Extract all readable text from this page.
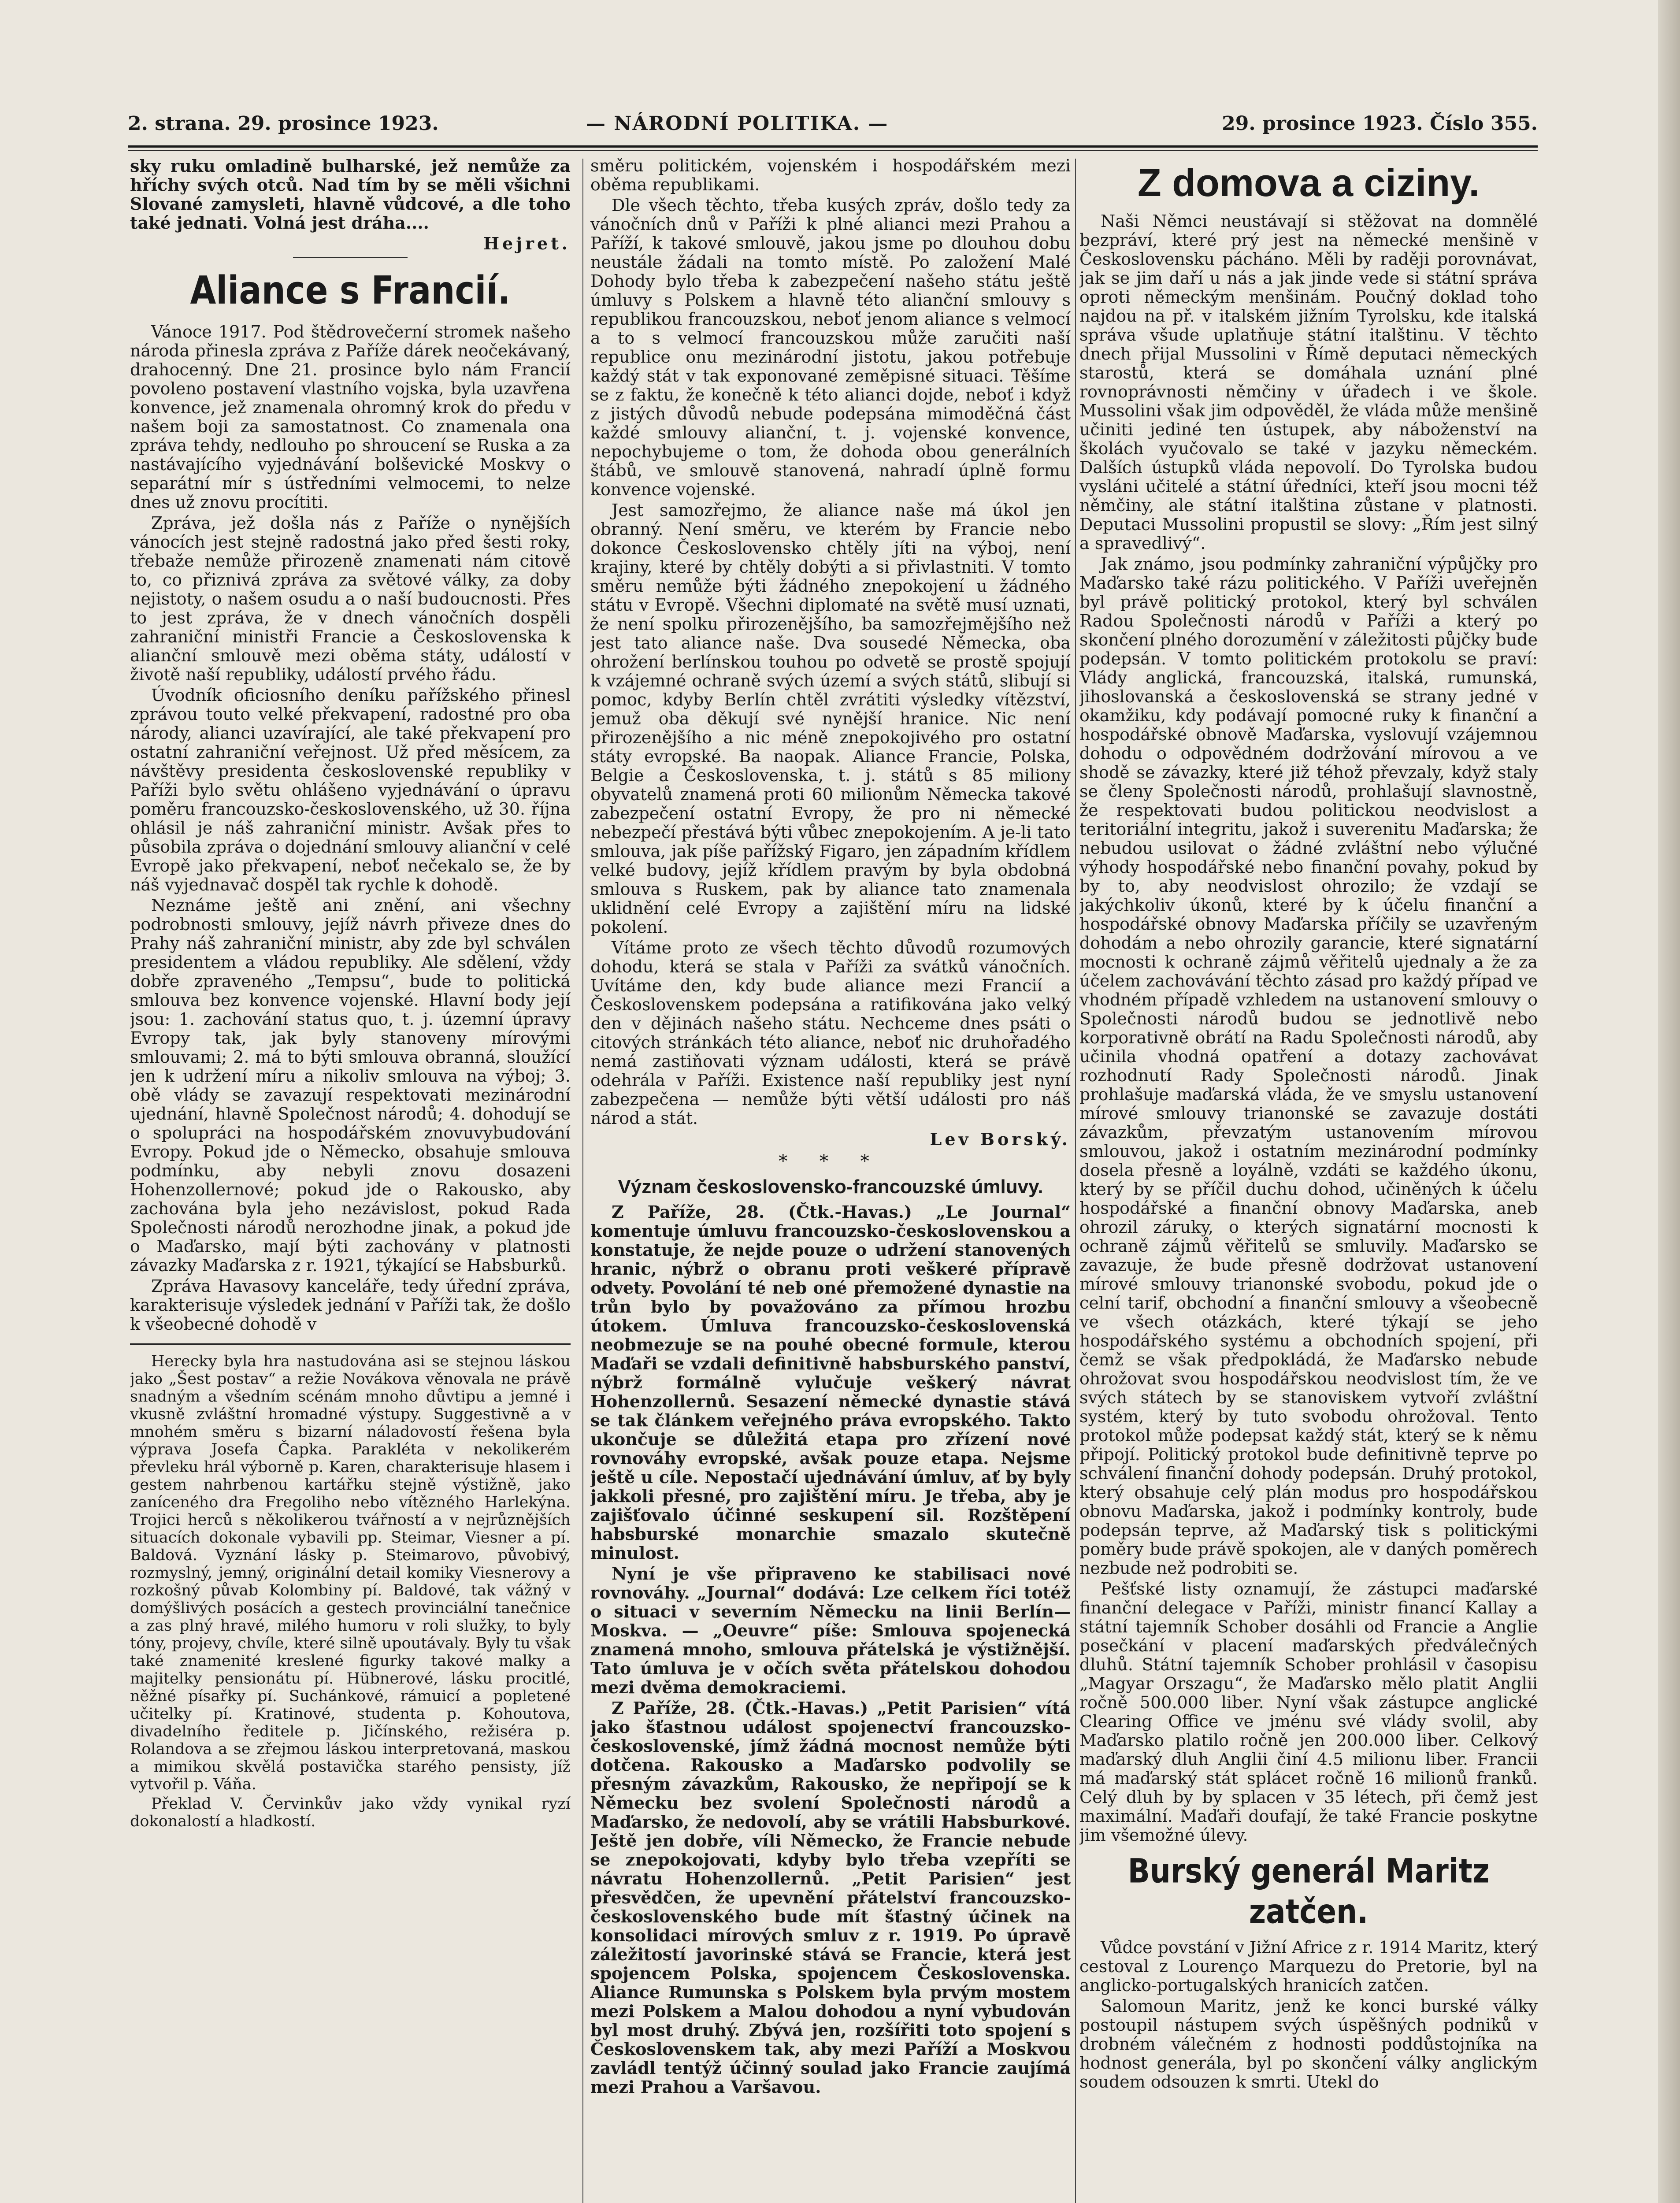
2. strana. 29. prosince 1923.	— NÁRODNÍ POLITIKA. —	29. prosince 1923. Číslo 355.

sky ruku omladině bulharské, jež nemůže za hříchy svých otců. Nad tím by se měli všichni Slované zamysleti, hlavně vůdcové, a dle toho také jednati. Volná jest dráha....

Hejret.

Aliance s Francií.

Vánoce 1917. Pod štědrovečerní stromek našeho národa přinesla zpráva z Paříže dárek neočekávaný, drahocenný. Dne 21. prosince bylo nám Francií povoleno postavení vlastního vojska, byla uzavřena konvence, jež znamenala ohromný krok do předu v našem boji za samostatnost. Co znamenala ona zpráva tehdy, nedlouho po shroucení se Ruska a za nastávajícího vyjednávání bolševické Moskvy o separátní mír s ústředními velmocemi, to nelze dnes už znovu procítiti.

Zpráva, jež došla nás z Paříže o nynějších vánocích jest stejně radostná jako před šesti roky, třebaže nemůže přirozeně znamenati nám citově to, co přiznivá zpráva za světové války, za doby nejistoty, o našem osudu a o naší budoucnosti. Přes to jest zpráva, že v dnech vánočních dospěli zahraniční ministři Francie a Československa k alianční smlouvě mezi oběma státy, událostí v životě naší republiky, událostí prvého řádu.

Úvodník oficiosního deníku pařížského přinesl zprávou touto velké překvapení, radostné pro oba národy, alianci uzavírající, ale také překvapení pro ostatní zahraniční veřejnost. Už před měsícem, za návštěvy presidenta československé republiky v Paříži bylo světu ohlášeno vyjednávání o úpravu poměru francouzsko-československého, už 30. října ohlásil je náš zahraniční ministr. Avšak přes to působila zpráva o dojednání smlouvy alianční v celé Evropě jako překvapení, neboť nečekalo se, že by náš vyjednavač dospěl tak rychle k dohodě.

Neznáme ještě ani znění, ani všechny podrobnosti smlouvy, jejíž návrh přiveze dnes do Prahy náš zahraniční ministr, aby zde byl schválen presidentem a vládou republiky. Ale sdělení, vždy dobře zpraveného „Tempsu“, bude to politická smlouva bez konvence vojenské. Hlavní body její jsou: 1. zachování status quo, t. j. územní úpravy Evropy tak, jak byly stanoveny mírovými smlouvami; 2. má to býti smlouva obranná, sloužící jen k udržení míru a nikoliv smlouva na výboj; 3. obě vlády se zavazují respektovati mezinárodní ujednání, hlavně Společnost národů; 4. dohodují se o spolupráci na hospodářském znovuvybudování Evropy. Pokud jde o Německo, obsahuje smlouva podmínku, aby nebyli znovu dosazeni Hohenzollernové; pokud jde o Rakousko, aby zachována byla jeho nezávislost, pokud Rada Společnosti národů nerozhodne jinak, a pokud jde o Maďarsko, mají býti zachovány v platnosti závazky Maďarska z r. 1921, týkající se Habsburků.

Zpráva Havasovy kanceláře, tedy úřední zpráva, karakterisuje výsledek jednání v Paříži tak, že došlo k všeobecné dohodě v

Herecky byla hra nastudována asi se stejnou láskou jako „Šest postav“ a režie Novákova věnovala ne právě snadným a všedním scénám mnoho důvtipu a jemné i vkusně zvláštní hromadné výstupy. Suggestivně a v mnohém směru s bizarní náladovostí řešena byla výprava Josefa Čapka. Paraklétа v nekolikerém převleku hrál výborně p. Karen, charakterisuje hlasem i gestem nahrbenou kartářku stejně výstižně, jako zaníceného dra Fregoliho nebo vítězného Harlekýna. Trojici herců s několikerou tvářností a v nejrůznějších situacích dokonale vybavili pp. Steimar, Viesner a pí. Baldová. Vyznání lásky p. Steimarovo, půvobivý, rozmyslný, jemný, originální detail komiky Viesnerovy a rozkošný půvab Kolombiny pí. Baldové, tak vážný v domýšlivých posácích a gestech provinciální tanečnice a zas plný hravé, milého humoru v roli služky, to byly tóny, projevy, chvíle, které silně upoutávaly. Byly tu však také znamenité kreslené figurky takové malky a majitelky pensionátu pí. Hübnerové, lásku procitlé, něžné písařky pí. Suchánkové, rámuicí a popletené učitelky pí. Kratinové, studenta p. Kohoutova, divadelního ředitele p. Jičínského, režiséra p. Rolandova a se zřejmou láskou interpretovaná, maskou a mimikou skvělá postavička starého pensisty, jíž vytvořil p. Váňa.

Překlad V. Červinkův jako vždy vynikal ryzí dokonalostí a hladkostí.

směru politickém, vojenském i hospodářském mezi oběma republikami.

Dle všech těchto, třeba kusých zpráv, došlo tedy za vánočních dnů v Paříži k plné alianci mezi Prahou a Paříží, k takové smlouvě, jakou jsme po dlouhou dobu neustále žádali na tomto místě. Po založení Malé Dohody bylo třeba k zabezpečení našeho státu ještě úmluvy s Polskem a hlavně této alianční smlouvy s republikou francouzskou, neboť jenom aliance s velmocí a to s velmocí francouzskou může zaručiti naší republice onu mezinárodní jistotu, jakou potřebuje každý stát v tak exponované zeměpisné situaci. Těšíme se z faktu, že konečně k této alianci dojde, neboť i když z jistých důvodů nebude podepsána mimoděčná část každé smlouvy alianční, t. j. vojenské konvence, nepochybujeme o tom, že dohoda obou generálních štábů, ve smlouvě stanovená, nahradí úplně formu konvence vojenské.

Jest samozřejmo, že aliance naše má úkol jen obranný. Není směru, ve kterém by Francie nebo dokonce Československo chtěly jíti na výboj, není krajiny, které by chtěly dobýti a si přivlastniti. V tomto směru nemůže býti žádného znepokojení u žádného státu v Evropě. Všechni diplomaté na světě musí uznati, že není spolku přirozenějšího, ba samozřejmějšího než jest tato aliance naše. Dva sousedé Německa, oba ohrožení berlínskou touhou po odvetě se prostě spojují k vzájemné ochraně svých území a svých států, slibují si pomoc, kdyby Berlín chtěl zvrátiti výsledky vítězství, jemuž oba děkují své nynější hranice. Nic není přirozenějšího a nic méně znepokojivého pro ostatní státy evropské. Ba naopak. Aliance Francie, Polska, Belgie a Československa, t. j. států s 85 miliony obyvatelů znamená proti 60 milionům Německa takové zabezpečení ostatní Evropy, že pro ni německé nebezpečí přestává býti vůbec znepokojením. A je-li tato smlouva, jak píše pařížský Figaro, jen západním křídlem velké budovy, jejíž křídlem pravým by byla obdobná smlouva s Ruskem, pak by aliance tato znamenala uklidnění celé Evropy a zajištění míru na lidské pokolení.

Vítáme proto ze všech těchto důvodů rozumových dohodu, která se stala v Paříži za svátků vánočních. Uvítáme den, kdy bude aliance mezi Francií a Československem podepsána a ratifikována jako velký den v dějinách našeho státu. Nechceme dnes psáti o citových stránkách této aliance, neboť nic druhořadého nemá zastiňovati význam události, která se právě odehrála v Paříži. Existence naší republiky jest nyní zabezpečena — nemůže býti větší události pro náš národ a stát.

Lev Borský.

* * *
Význam československo-francouzské úmluvy.

Z Paříže, 28. (Čtk.-Havas.) „Le Journal“ komentuje úmluvu francouzsko-československou a konstatuje, že nejde pouze o udržení stanovených hranic, nýbrž o obranu proti veškeré přípravě odvety. Povolání té neb oné přemožené dynastie na trůn bylo by považováno za přímou hrozbu útokem. Úmluva francouzsko-československá neobmezuje se na pouhé obecné formule, kterou Maďaři se vzdali definitivně habsburského panství, nýbrž formálně vylučuje veškerý návrat Hohenzollernů. Sesazení německé dynastie stává se tak článkem veřejného práva evropského. Takto ukončuje se důležitá etapa pro zřízení nové rovnováhy evropské, avšak pouze etapa. Nejsme ještě u cíle. Nepostačí ujednávání úmluv, ať by byly jakkoli přesné, pro zajištění míru. Je třeba, aby je zajišťovalo účinné seskupení sil. Rozštěpení habsburské monarchie smazalo skutečně minulost.

Nyní je vše připraveno ke stabilisaci nové rovnováhy. „Journal“ dodává: Lze celkem říci totéž o situaci v severním Německu na linii Berlín—Moskva. — „Oeuvre“ píše: Smlouva spojenecká znamená mnoho, smlouva přátelská je výstižnější. Tato úmluva je v očích světa přátelskou dohodou mezi dvěma demokraciemi.

Z Paříže, 28. (Čtk.-Havas.) „Petit Parisien“ vítá jako šťastnou událost spojenectví francouzsko-československé, jímž žádná mocnost nemůže býti dotčena. Rakousko a Maďarsko podvolily se přesným závazkům, Rakousko, že nepřipojí se k Německu bez svolení Společnosti národů a Maďarsko, že nedovolí, aby se vrátili Habsburkové. Ještě jen dobře, víli Německo, že Francie nebude se znepokojovati, kdyby bylo třeba vzepříti se návratu Hohenzollernů. „Petit Parisien“ jest přesvědčen, že upevnění přátelství francouzsko-československého bude mít šťastný účinek na konsolidaci mírových smluv z r. 1919. Po úpravě záležitostí javorinské stává se Francie, která jest spojencem Polska, spojencem Československa. Aliance Rumunska s Polskem byla prvým mostem mezi Polskem a Malou dohodou a nyní vybudován byl most druhý. Zbývá jen, rozšířiti toto spojení s Československem tak, aby mezi Paříží a Moskvou zavládl tentýž účinný soulad jako Francie zaujímá mezi Prahou a Varšavou.

Z domova a ciziny.

Naši Němci neustávají si stěžovat na domnělé bezpráví, které prý jest na německé menšině v Československu pácháno. Měli by raději porovnávat, jak se jim daří u nás a jak jinde vede si státní správa oproti německým menšinám. Poučný doklad toho najdou na př. v italském jižním Tyrolsku, kde italská správa všude uplatňuje státní italštinu. V těchto dnech přijal Mussolini v Římě deputaci německých starostů, která se domáhala uznání plné rovnoprávnosti němčiny v úřadech i ve škole. Mussolini však jim odpověděl, že vláda může menšině učiniti jediné ten ústupek, aby náboženství na školách vyučovalo se také v jazyku německém. Dalších ústupků vláda nepovolí. Do Tyrolska budou vysláni učitelé a státní úředníci, kteří jsou mocni též němčiny, ale státní italština zůstane v platnosti. Deputaci Mussolini propustil se slovy: „Řím jest silný a spravedlivý“.

Jak známo, jsou podmínky zahraniční výpůjčky pro Maďarsko také rázu politického. V Paříži uveřejněn byl právě politický protokol, který byl schválen Radou Společnosti národů v Paříži a který po skončení plného dorozumění v záležitosti půjčky bude podepsán. V tomto politickém protokolu se praví: Vlády anglická, francouzská, italská, rumunská, jihoslovanská a československá se strany jedné v okamžiku, kdy podávají pomocné ruky k finanční a hospodářské obnově Maďarska, vyslovují vzájemnou dohodu o odpovědném dodržování mírovou a ve shodě se závazky, které již téhož převzaly, když staly se členy Společnosti národů, prohlašují slavnostně, že respektovati budou politickou neodvislost a teritoriální integritu, jakož i suverenitu Maďarska; že nebudou usilovat o žádné zvláštní nebo výlučné výhody hospodářské nebo finanční povahy, pokud by by to, aby neodvislost ohrozilo; že vzdají se jakýchkoliv úkonů, které by k účelu finanční a hospodářské obnovy Maďarska příčily se uzavřeným dohodám a nebo ohrozily garancie, které signatární mocnosti k ochraně zájmů věřitelů ujednaly a že za účelem zachovávání těchto zásad pro každý případ ve vhodném případě vzhledem na ustanovení smlouvy o Společnosti národů budou se jednotlivě nebo korporativně obrátí na Radu Společnosti národů, aby učinila vhodná opatření a dotazy zachovávat rozhodnutí Rady Společnosti národů. Jinak prohlašuje maďarská vláda, že ve smyslu ustanovení mírové smlouvy trianonské se zavazuje dostáti závazkům, převzatým ustanovením mírovou smlouvou, jakož i ostatním mezinárodní podmínky dosela přesně a loyálně, vzdáti se každého úkonu, který by se příčil duchu dohod, učiněných k účelu hospodářské a finanční obnovy Maďarska, aneb ohrozil záruky, o kterých signatární mocnosti k ochraně zájmů věřitelů se smluvily. Maďarsko se zavazuje, že bude přesně dodržovat ustanovení mírové smlouvy trianonské svobodu, pokud jde o celní tarif, obchodní a finanční smlouvy a všeobecně ve všech otázkách, které týkají se jeho hospodářského systému a obchodních spojení, při čemž se však předpokládá, že Maďarsko nebude ohrožovat svou hospodářskou neodvislost tím, že ve svých státech by se stanoviskem vytvoří zvláštní systém, který by tuto svobodu ohrožoval. Tento protokol může podepsat každý stát, který se k němu připojí. Politický protokol bude definitivně teprve po schválení finanční dohody podepsán. Druhý protokol, který obsahuje celý plán modus pro hospodářskou obnovu Maďarska, jakož i podmínky kontroly, bude podepsán teprve, až Maďarský tisk s politickými poměry bude právě spokojen, ale v daných poměrech nezbude než podrobiti se.

Pešťské listy oznamují, že zástupci maďarské finanční delegace v Paříži, ministr financí Kallay a státní tajemník Schober dosáhli od Francie a Anglie posečkání v placení maďarských předválečných dluhů. Státní tajemník Schober prohlásil v časopisu „Magyar Orszagu“, že Maďarsko mělo platit Anglii ročně 500.000 liber. Nyní však zástupce anglické Clearing Office ve jménu své vlády svolil, aby Maďarsko platilo ročně jen 200.000 liber. Celkový maďarský dluh Anglii činí 4.5 milionu liber. Francii má maďarský stát splácet ročně 16 milionů franků. Celý dluh by by splacen v 35 létech, při čemž jest maximální. Maďaři doufají, že také Francie poskytne jim všemožné úlevy.

Burský generál Maritz zatčen.

Vůdce povstání v Jižní Africe z r. 1914 Maritz, který cestoval z Lourenço Marquezu do Pretorie, byl na anglicko-portugalských hranicích zatčen.

Salomoun Maritz, jenž ke konci burské války postoupil nástupem svých úspěšných podniků v drobném válečném z hodnosti poddůstojníka na hodnost generála, byl po skončení války anglickým soudem odsouzen k smrti. Utekl do
